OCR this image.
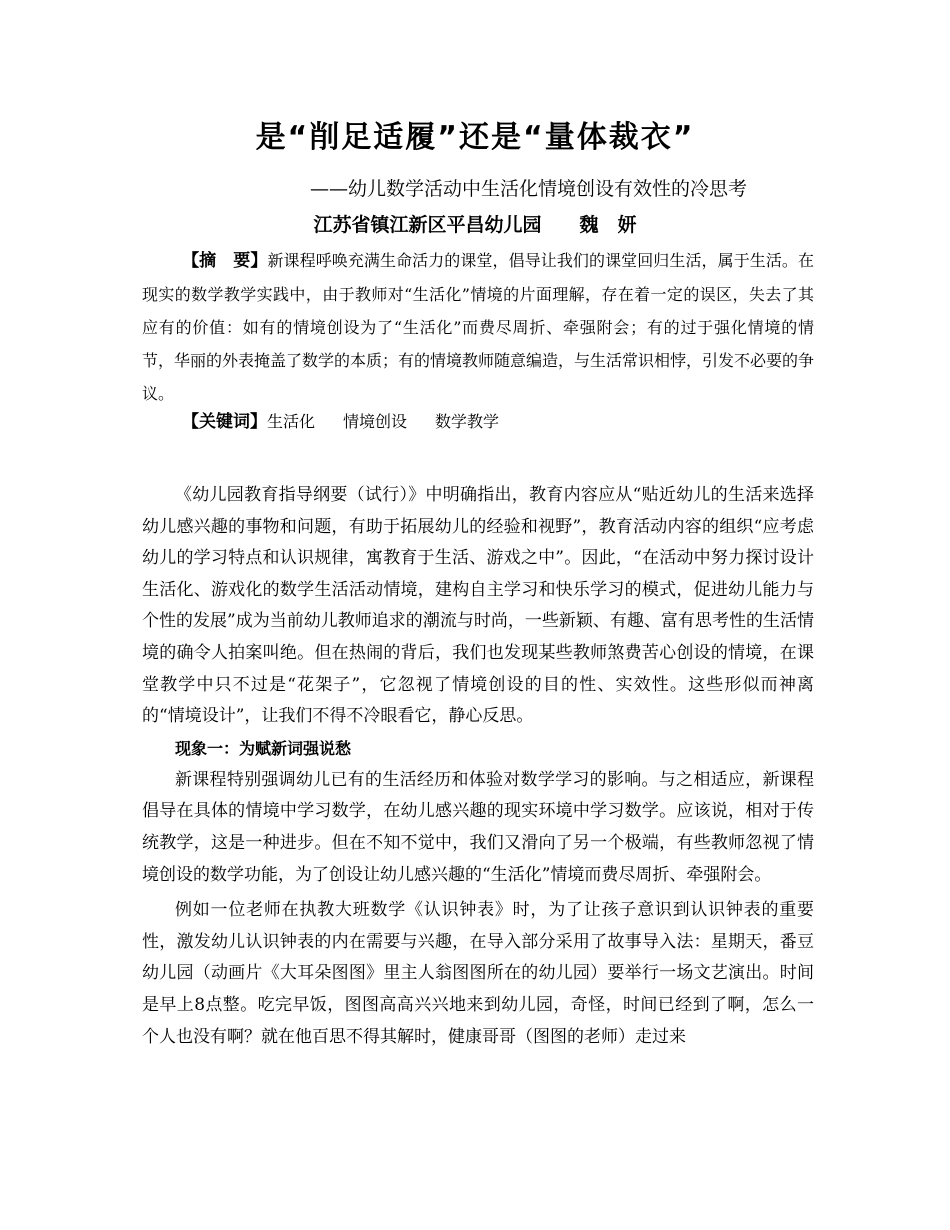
是“削足适履”还是“量体裁衣”

——幼儿数学活动中生活化情境创设有效性的冷思考

江苏省镇江新区平昌幼儿园 魏　妍

【摘　要】新课程呼唤充满生命活力的课堂，倡导让我们的课堂回归生活，属于生活。在现实的数学教学实践中，由于教师对“生活化”情境的片面理解，存在着一定的误区，失去了其应有的价值：如有的情境创设为了“生活化”而费尽周折、牵强附会；有的过于强化情境的情节，华丽的外表掩盖了数学的本质；有的情境教师随意编造，与生活常识相悖，引发不必要的争议。

【关键词】生活化 情境创设 数学教学

《幼儿园教育指导纲要（试行）》中明确指出，教育内容应从“贴近幼儿的生活来选择幼儿感兴趣的事物和问题，有助于拓展幼儿的经验和视野”，教育活动内容的组织“应考虑幼儿的学习特点和认识规律，寓教育于生活、游戏之中”。因此，“在活动中努力探讨设计生活化、游戏化的数学生活活动情境，建构自主学习和快乐学习的模式，促进幼儿能力与个性的发展”成为当前幼儿教师追求的潮流与时尚，一些新颖、有趣、富有思考性的生活情境的确令人拍案叫绝。但在热闹的背后，我们也发现某些教师煞费苦心创设的情境，在课堂教学中只不过是“花架子”，它忽视了情境创设的目的性、实效性。这些形似而神离的“情境设计”，让我们不得不冷眼看它，静心反思。

现象一：为赋新词强说愁

新课程特别强调幼儿已有的生活经历和体验对数学学习的影响。与之相适应，新课程倡导在具体的情境中学习数学，在幼儿感兴趣的现实环境中学习数学。应该说，相对于传统教学，这是一种进步。但在不知不觉中，我们又滑向了另一个极端，有些教师忽视了情境创设的数学功能，为了创设让幼儿感兴趣的“生活化”情境而费尽周折、牵强附会。

例如一位老师在执教大班数学《认识钟表》时，为了让孩子意识到认识钟表的重要性，激发幼儿认识钟表的内在需要与兴趣，在导入部分采用了故事导入法：星期天，番豆幼儿园（动画片《大耳朵图图》里主人翁图图所在的幼儿园）要举行一场文艺演出。时间是早上8点整。吃完早饭，图图高高兴兴地来到幼儿园，奇怪，时间已经到了啊，怎么一个人也没有啊？就在他百思不得其解时，健康哥哥（图图的老师）走过来
